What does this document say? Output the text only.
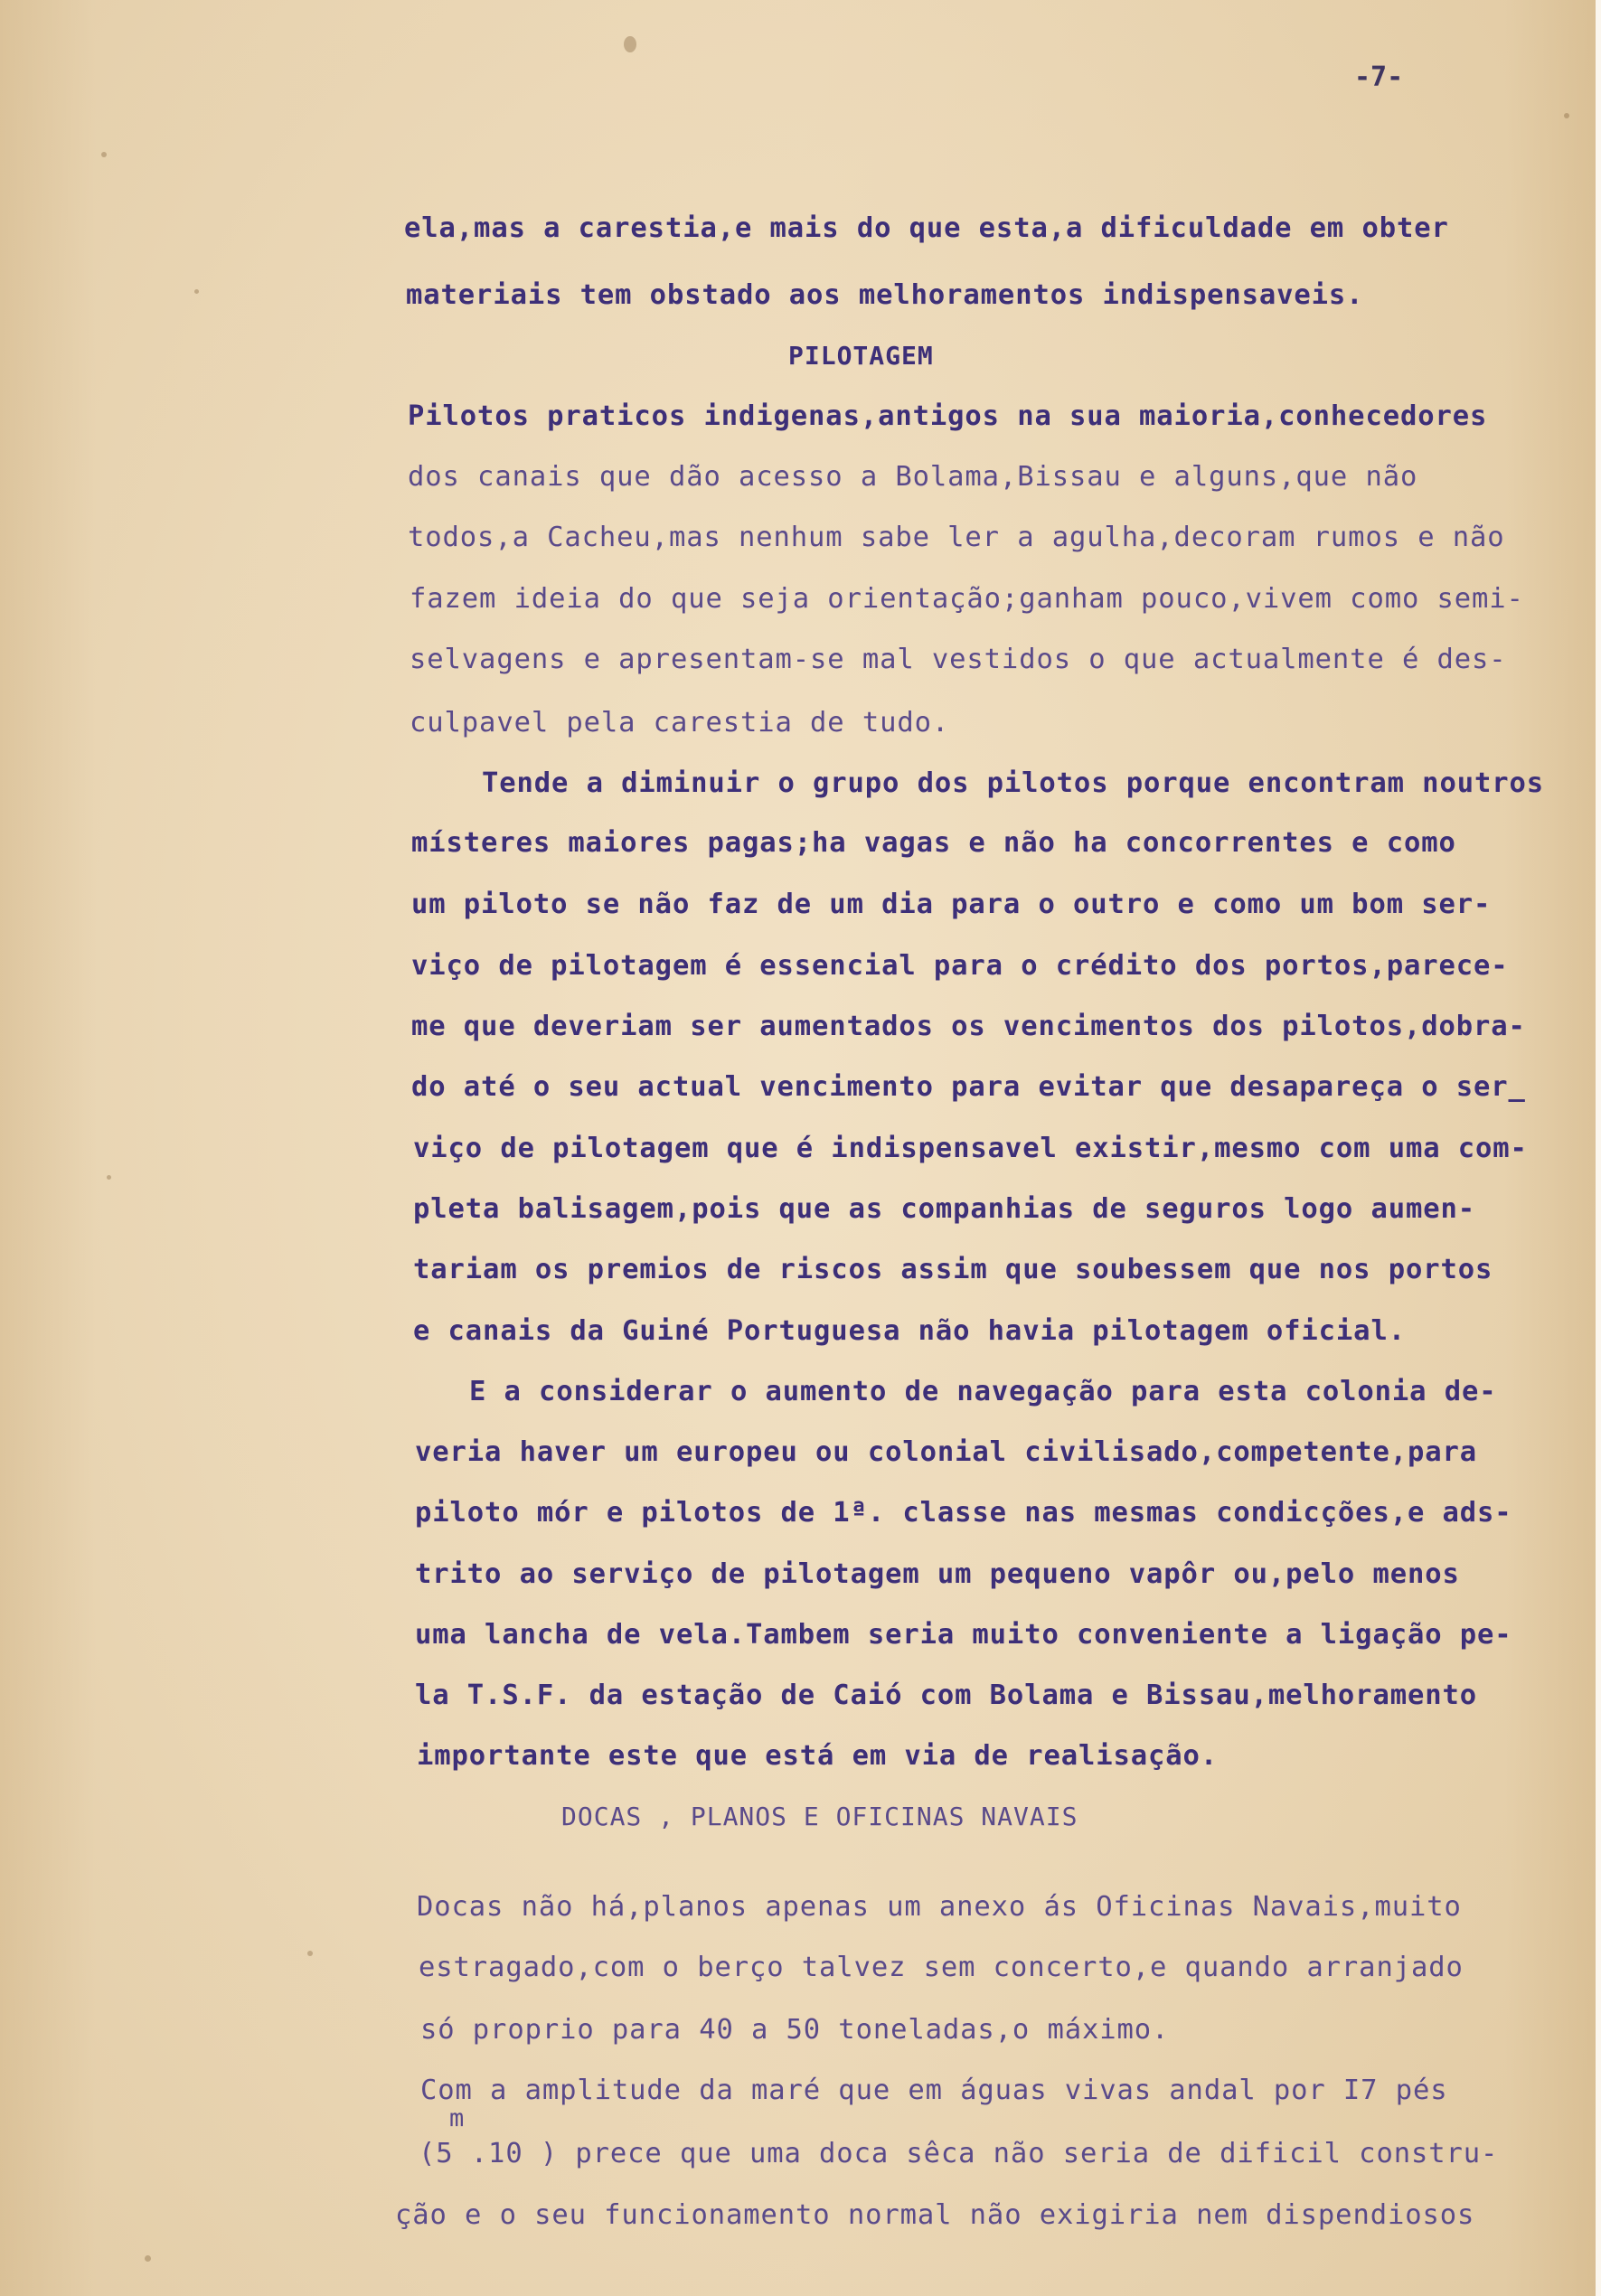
-7-
ela,mas a carestia,e mais do que esta,a dificuldade em obter
materiais tem obstado aos melhoramentos indispensaveis.
PILOTAGEM
Pilotos praticos indigenas,antigos na sua maioria,conhecedores
dos canais que dão acesso a Bolama,Bissau e alguns,que não
todos,a Cacheu,mas nenhum sabe ler a agulha,decoram rumos e não
fazem ideia do que seja orientação;ganham pouco,vivem como semi-
selvagens e apresentam-se mal vestidos o que actualmente é des-
culpavel pela carestia de tudo.
Tende a diminuir o grupo dos pilotos porque encontram noutros
místeres maiores pagas;ha vagas e não ha concorrentes e como
um piloto se não faz de um dia para o outro e como um bom ser-
viço de pilotagem é essencial para o crédito dos portos,parece-
me que deveriam ser aumentados os vencimentos dos pilotos,dobra-
do até o seu actual vencimento para evitar que desapareça o ser_
viço de pilotagem que é indispensavel existir,mesmo com uma com-
pleta balisagem,pois que as companhias de seguros logo aumen-
tariam os premios de riscos assim que soubessem que nos portos
e canais da Guiné Portuguesa não havia pilotagem oficial.
E a considerar o aumento de navegação para esta colonia de-
veria haver um europeu ou colonial civilisado,competente,para
piloto mór e pilotos de 1ª. classe nas mesmas condicções,e ads-
trito ao serviço de pilotagem um pequeno vapôr ou,pelo menos
uma lancha de vela.Tambem seria muito conveniente a ligação pe-
la T.S.F. da estação de Caió com Bolama e Bissau,melhoramento
importante este que está em via de realisação.
DOCAS , PLANOS E OFICINAS NAVAIS
Docas não há,planos apenas um anexo ás Oficinas Navais,muito
estragado,com o berço talvez sem concerto,e quando arranjado
só proprio para 40 a 50 toneladas,o máximo.
Com a amplitude da maré que em águas vivas andal por I7 pés
m
(5 .10 ) prece que uma doca sêca não seria de dificil constru-
ção e o seu funcionamento normal não exigiria nem dispendiosos
